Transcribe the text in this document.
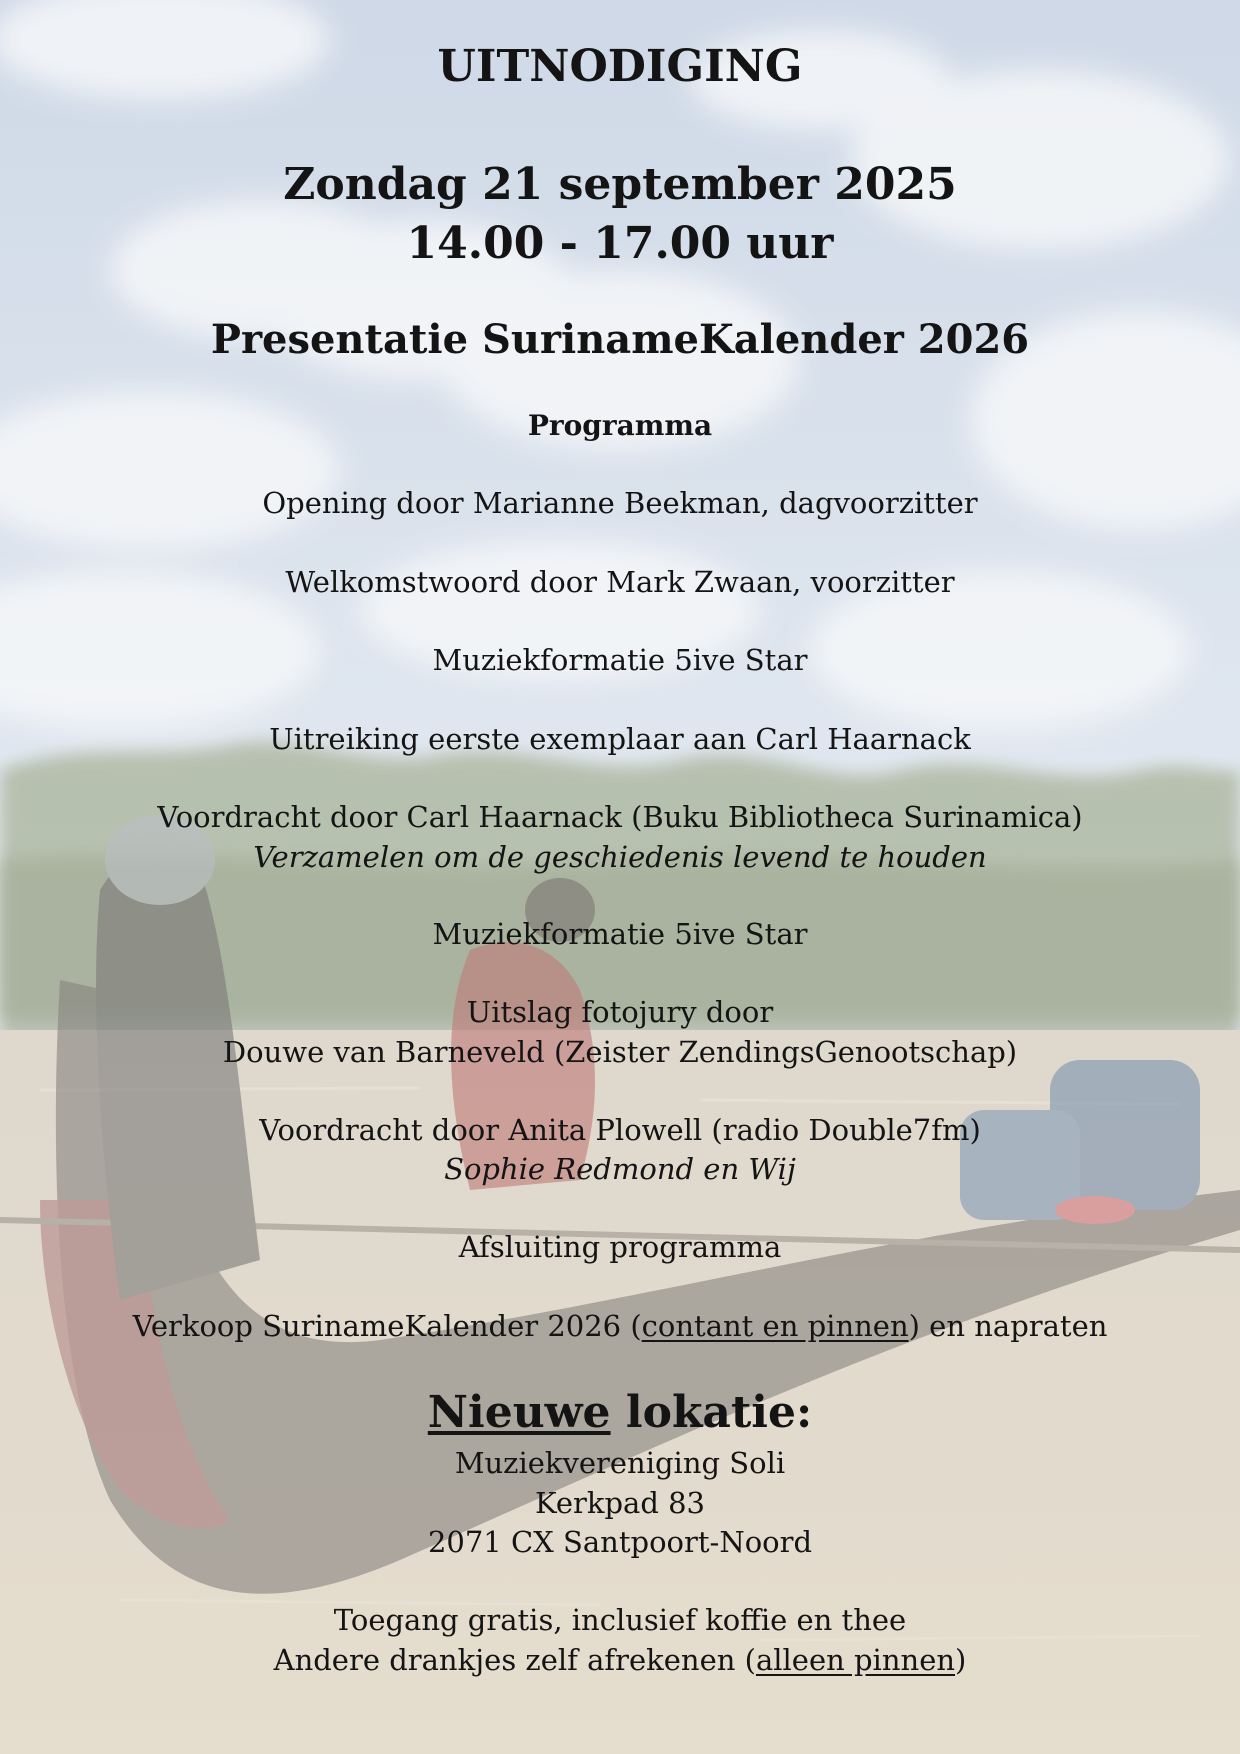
UITNODIGING
Zondag 21 september 2025
14.00 - 17.00 uur
Presentatie SurinameKalender 2026
Programma
Opening door Marianne Beekman, dagvoorzitter
Welkomstwoord door Mark Zwaan, voorzitter
Muziekformatie 5ive Star
Uitreiking eerste exemplaar aan Carl Haarnack
Voordracht door Carl Haarnack (Buku Bibliotheca Surinamica)
Verzamelen om de geschiedenis levend te houden
Muziekformatie 5ive Star
Uitslag fotojury door
Douwe van Barneveld (Zeister ZendingsGenootschap)
Voordracht door Anita Plowell (radio Double7fm)
Sophie Redmond en Wij
Afsluiting programma
Verkoop SurinameKalender 2026 (contant en pinnen) en napraten
Nieuwe lokatie:
Muziekvereniging Soli
Kerkpad 83
2071 CX Santpoort-Noord
Toegang gratis, inclusief koffie en thee
Andere drankjes zelf afrekenen (alleen pinnen)
